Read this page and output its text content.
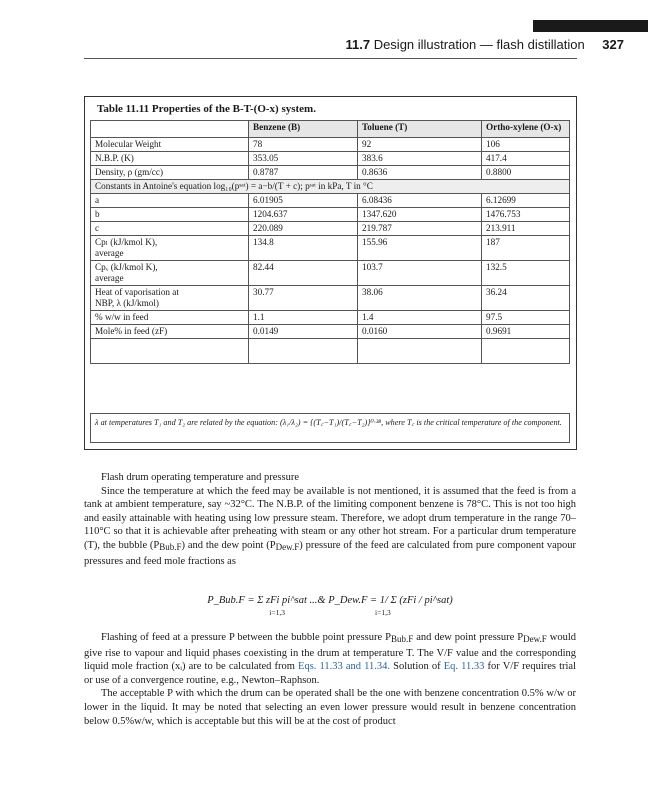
11.7 Design illustration — flash distillation 327
Table 11.11 Properties of the B-T-(O-x) system.
	Benzene (B)	Toluene (T)	Ortho-xylene (O-x)

Molecular Weight	78	92	106

N.B.P. (K)	353.05	383.6	417.4

Density, ρ (gm/cc)	0.8787	0.8636	0.8800
Constants in Antoine's equation log₁₀(pˢᵃᵗ) = a−b/(T + c); pˢᵃᵗ in kPa, T in °C			

a	6.01905	6.08436	6.12699

b	1204.637	1347.620	1476.753

c	220.089	219.787	213.911

Cpₗ (kJ/kmol K),
average	134.8	155.96	187

Cpᵥ (kJ/kmol K),
average	82.44	103.7	132.5

Heat of vaporisation at
NBP, λ (kJ/kmol)	30.77	38.06	36.24

% w/w in feed	1.1	1.4	97.5

Mole% in feed (zF)	0.0149	0.0160	0.9691

λ at temperatures T₁ and T₂ are related by the equation: (λ₁/λ₂) = {(T꜀−T₁)/(T꜀−T₂)}⁰·³⁸, where T꜀ is the critical temperature of the component.
Flash drum operating temperature and pressure
Since the temperature at which the feed may be available is not mentioned, it is assumed that the feed is from a tank at ambient temperature, say ~32°C. The N.B.P. of the limiting component benzene is 78°C. This is not too high and easily attainable with heating using low pressure steam. Therefore, we adopt drum temperature in the range 70–110°C so that it is achievable after preheating with steam or any other hot stream. For a particular drum temperature (T), the bubble (PBub.F) and the dew point (PDew.F) pressure of the feed are calculated from pure component vapour pressures and feed mole fractions as
P_Bub.F = Σ zFi pi^sat ...& P_Dew.F = 1/ Σ (zFi / pi^sat)
i=1,3	i=1,3
Flashing of feed at a pressure P between the bubble point pressure PBub.F and dew point pressure PDew.F would give rise to vapour and liquid phases coexisting in the drum at temperature T. The V/F value and the corresponding liquid mole fraction (xᵢ) are to be calculated from Eqs. 11.33 and 11.34. Solution of Eq. 11.33 for V/F requires trial or use of a convergence routine, e.g., Newton–Raphson.
The acceptable P with which the drum can be operated shall be the one with benzene concentration 0.5% w/w or lower in the liquid. It may be noted that selecting an even lower pressure would result in benzene concentration below 0.5%w/w, which is acceptable but this will be at the cost of product
